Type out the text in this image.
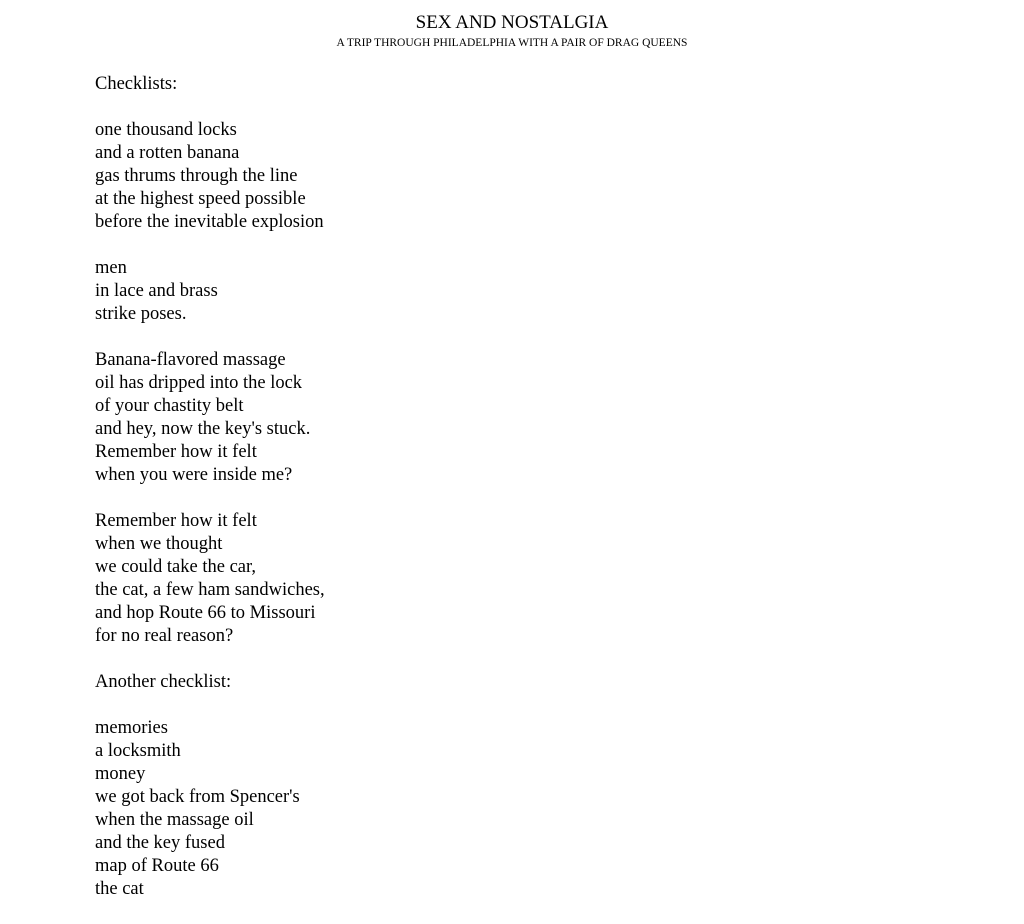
SEX AND NOSTALGIA
A TRIP THROUGH PHILADELPHIA WITH A PAIR OF DRAG QUEENS
Checklists:
one thousand locks
and a rotten banana
gas thrums through the line
at the highest speed possible
before the inevitable explosion
men
in lace and brass
strike poses.
Banana-flavored massage
oil has dripped into the lock
of your chastity belt
and hey, now the key's stuck.
Remember how it felt
when you were inside me?
Remember how it felt
when we thought
we could take the car,
the cat, a few ham sandwiches,
and hop Route 66 to Missouri
for no real reason?
Another checklist:
memories
a locksmith
money
we got back from Spencer's
when the massage oil
and the key fused
map of Route 66
the cat
